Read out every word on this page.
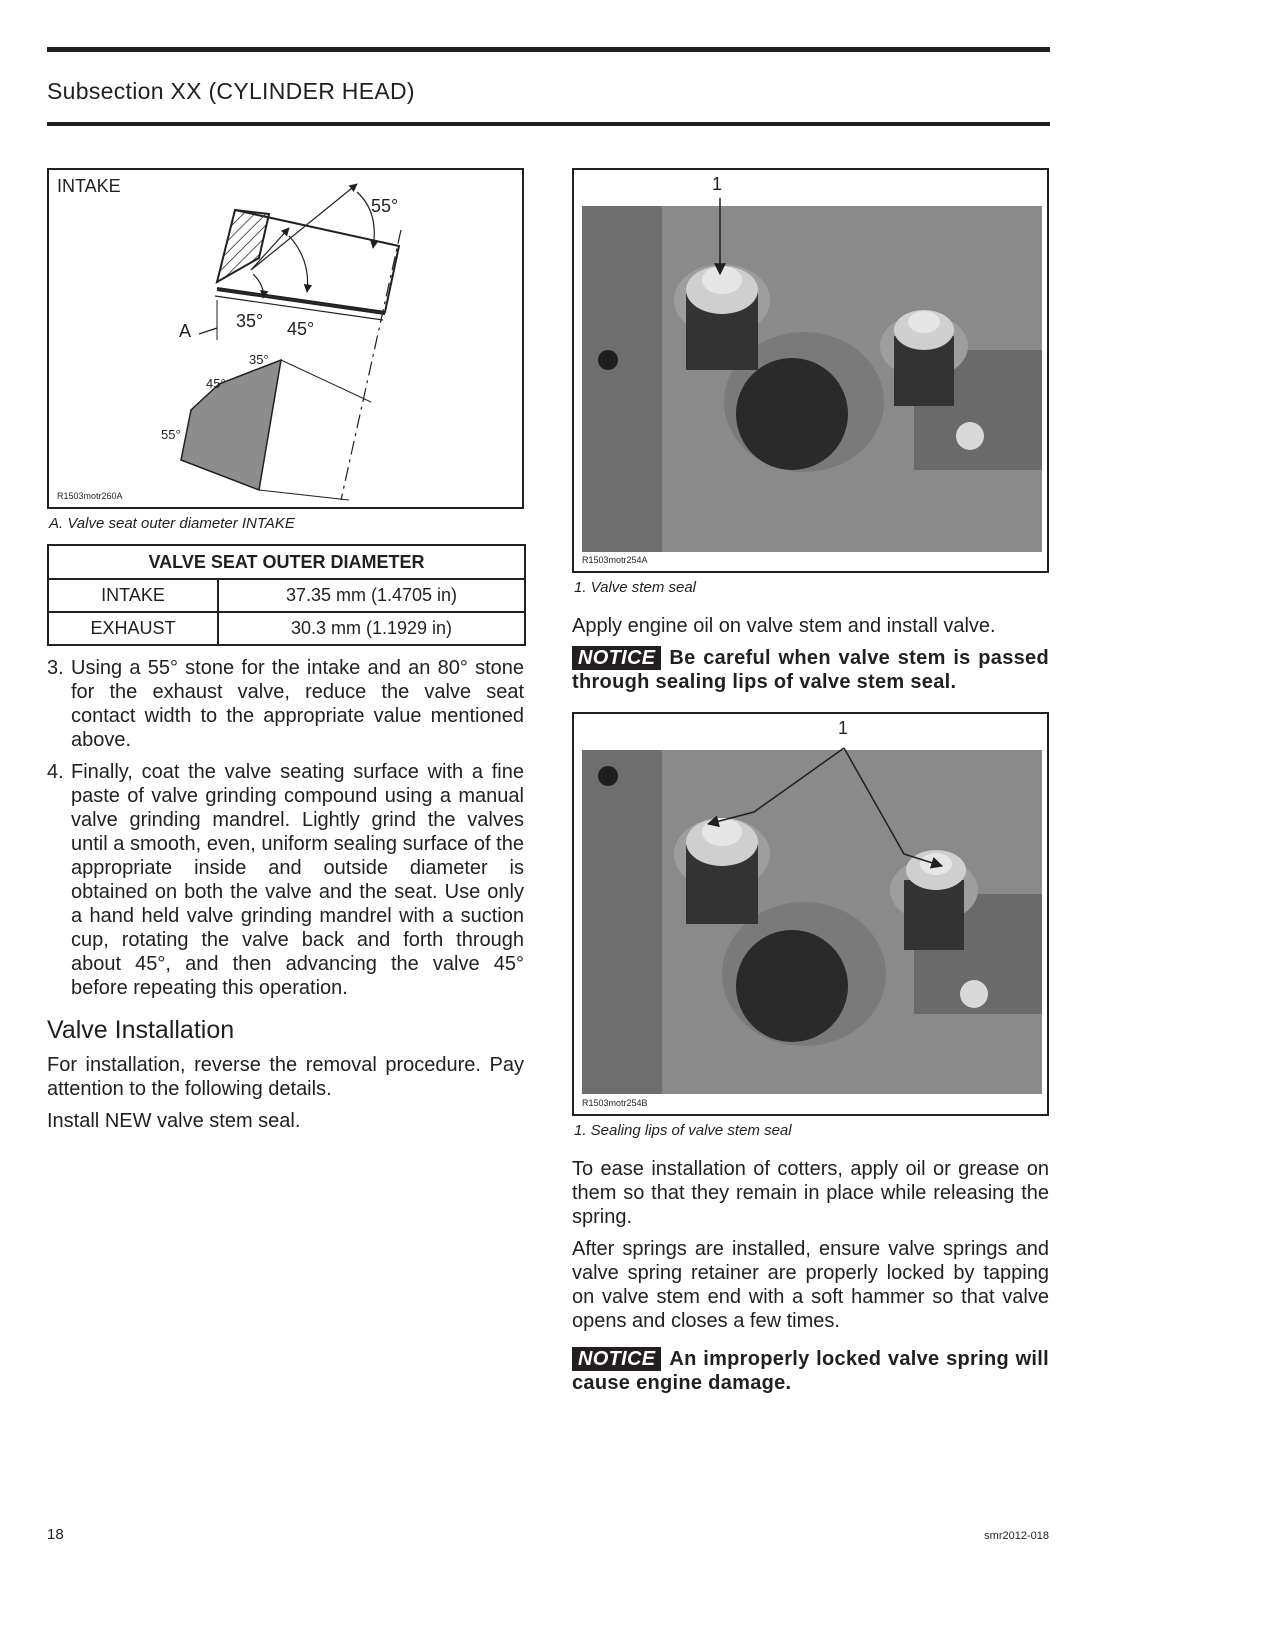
Subsection XX (CYLINDER HEAD)
INTAKE
55°
35° 45°
A
35°
45°
55°
R1503motr260A
A. Valve seat outer diameter INTAKE
VALVE SEAT OUTER DIAMETER	
INTAKE	37.35 mm (1.4705 in)
EXHAUST	30.3 mm (1.1929 in)
3. Using a 55° stone for the intake and an 80° stone for the exhaust valve, reduce the valve seat contact width to the appropriate value mentioned above.
4. Finally, coat the valve seating surface with a fine paste of valve grinding compound using a manual valve grinding mandrel. Lightly grind the valves until a smooth, even, uniform sealing surface of the appropriate inside and outside diameter is obtained on both the valve and the seat. Use only a hand held valve grinding mandrel with a suction cup, rotating the valve back and forth through about 45°, and then advancing the valve 45° before repeating this operation.
Valve Installation

For installation, reverse the removal procedure. Pay attention to the following details.

Install NEW valve stem seal.

1
R1503motr254A
1. Valve stem seal

Apply engine oil on valve stem and install valve.

NOTICE Be careful when valve stem is passed through sealing lips of valve stem seal.

1
R1503motr254B
1. Sealing lips of valve stem seal

To ease installation of cotters, apply oil or grease on them so that they remain in place while releasing the spring.

After springs are installed, ensure valve springs and valve spring retainer are properly locked by tapping on valve stem end with a soft hammer so that valve opens and closes a few times.

NOTICE An improperly locked valve spring will cause engine damage.

18	smr2012-018
